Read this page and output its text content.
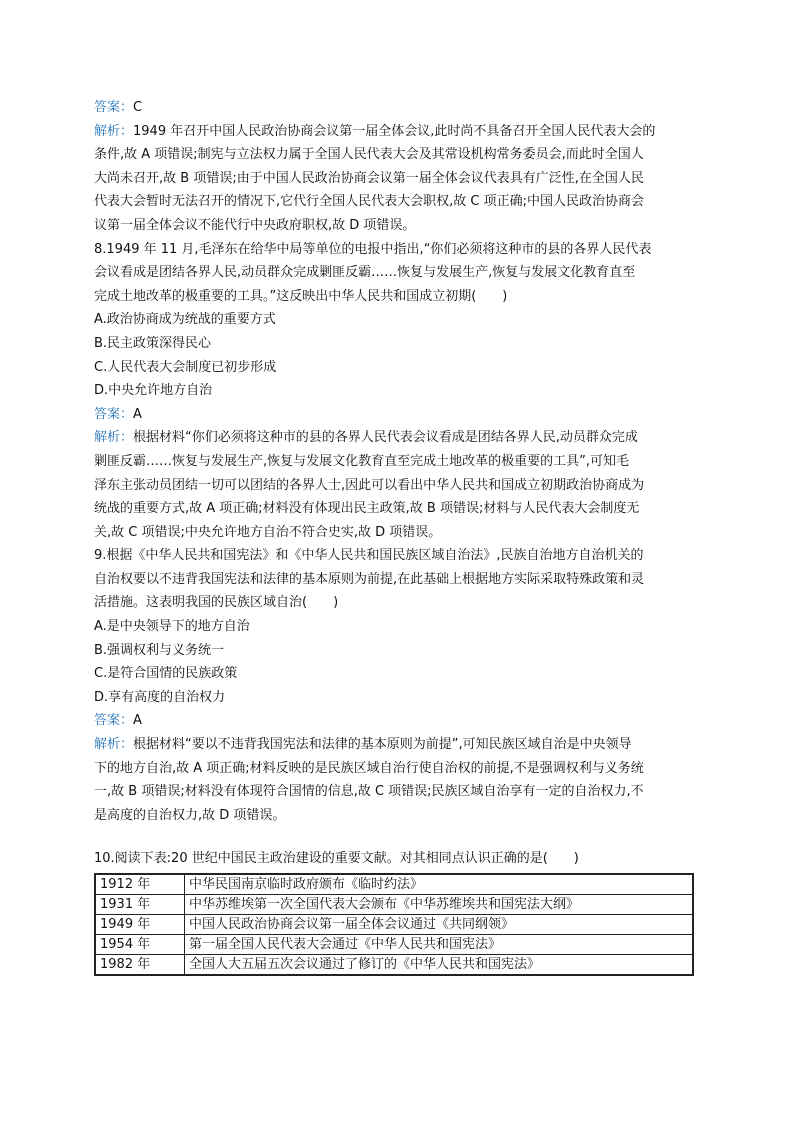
答案：C

解析：1949 年召开中国人民政治协商会议第一届全体会议,此时尚不具备召开全国人民代表大会的

条件,故 A 项错误;制宪与立法权力属于全国人民代表大会及其常设机构常务委员会,而此时全国人

大尚未召开,故 B 项错误;由于中国人民政治协商会议第一届全体会议代表具有广泛性,在全国人民

代表大会暂时无法召开的情况下,它代行全国人民代表大会职权,故 C 项正确;中国人民政治协商会

议第一届全体会议不能代行中央政府职权,故 D 项错误。

8.1949 年 11 月,毛泽东在给华中局等单位的电报中指出,“你们必须将这种市的县的各界人民代表

会议看成是团结各界人民,动员群众完成剿匪反霸……恢复与发展生产,恢复与发展文化教育直至

完成土地改革的极重要的工具。”这反映出中华人民共和国成立初期(　　)

A.政治协商成为统战的重要方式

B.民主政策深得民心

C.人民代表大会制度已初步形成

D.中央允许地方自治

答案：A

解析：根据材料“你们必须将这种市的县的各界人民代表会议看成是团结各界人民,动员群众完成

剿匪反霸……恢复与发展生产,恢复与发展文化教育直至完成土地改革的极重要的工具”,可知毛

泽东主张动员团结一切可以团结的各界人士,因此可以看出中华人民共和国成立初期政治协商成为

统战的重要方式,故 A 项正确;材料没有体现出民主政策,故 B 项错误;材料与人民代表大会制度无

关,故 C 项错误;中央允许地方自治不符合史实,故 D 项错误。

9.根据《中华人民共和国宪法》和《中华人民共和国民族区域自治法》,民族自治地方自治机关的

自治权要以不违背我国宪法和法律的基本原则为前提,在此基础上根据地方实际采取特殊政策和灵

活措施。这表明我国的民族区域自治(　　)

A.是中央领导下的地方自治

B.强调权利与义务统一

C.是符合国情的民族政策

D.享有高度的自治权力

答案：A

解析：根据材料“要以不违背我国宪法和法律的基本原则为前提”,可知民族区域自治是中央领导

下的地方自治,故 A 项正确;材料反映的是民族区域自治行使自治权的前提,不是强调权利与义务统

一,故 B 项错误;材料没有体现符合国情的信息,故 C 项错误;民族区域自治享有一定的自治权力,不

是高度的自治权力,故 D 项错误。

10.阅读下表:20 世纪中国民主政治建设的重要文献。对其相同点认识正确的是(　　)

1912 年	中华民国南京临时政府颁布《临时约法》
1931 年	中华苏维埃第一次全国代表大会颁布《中华苏维埃共和国宪法大纲》
1949 年	中国人民政治协商会议第一届全体会议通过《共同纲领》
1954 年	第一届全国人民代表大会通过《中华人民共和国宪法》
1982 年	全国人大五届五次会议通过了修订的《中华人民共和国宪法》
